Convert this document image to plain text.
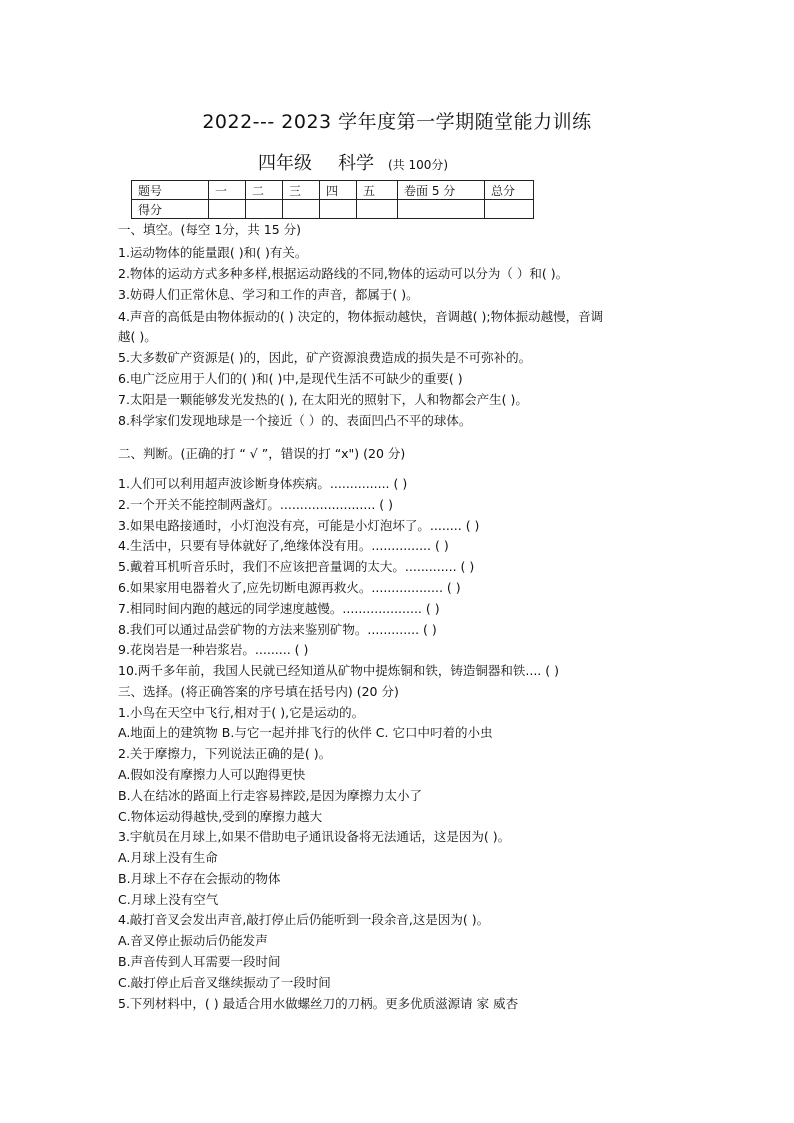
2022--- 2023 学年度第一学期随堂能力训练
四年级 科学 (共 100分)
题号	一	二	三	四	五	卷面 5 分	总分
得分							
一、填空。(每空 1分，共 15 分)
1.运动物体的能量跟( )和( )有关。
2.物体的运动方式多种多样,根据运动路线的不同,物体的运动可以分为（ ）和( )。
3.妨碍人们正常休息、学习和工作的声音，都属于( )。
4.声音的高低是由物体振动的( ) 决定的，物体振动越快，音调越( );物体振动越慢，音调
越( )。
5.大多数矿产资源是( )的，因此，矿产资源浪费造成的损失是不可弥补的。
6.电广泛应用于人们的( )和( )中,是现代生活不可缺少的重要( )
7.太阳是一颗能够发光发热的( ), 在太阳光的照射下，人和物都会产生( )。
8.科学家们发现地球是一个接近（ ）的、表面凹凸不平的球体。
二、判断。(正确的打 “ √ ”，错误的打 “x") (20 分)
1.人们可以利用超声波诊断身体疾病。............... ( )
2.一个开关不能控制两盏灯。........................ ( )
3.如果电路接通时，小灯泡没有亮，可能是小灯泡坏了。........ ( )
4.生活中，只要有导体就好了,绝缘体没有用。............... ( )
5.戴着耳机听音乐时，我们不应该把音量调的太大。............. ( )
6.如果家用电器着火了,应先切断电源再救火。.................. ( )
7.相同时间内跑的越远的同学速度越慢。.................... ( )
8.我们可以通过品尝矿物的方法来鉴别矿物。............. ( )
9.花岗岩是一种岩浆岩。......... ( )
10.两千多年前，我国人民就已经知道从矿物中提炼铜和铁，铸造铜器和铁.... ( )
三、选择。(将正确答案的序号填在括号内) (20 分)
1.小鸟在天空中飞行,相对于( ),它是运动的。
A.地面上的建筑物 B.与它一起并排飞行的伙伴 C. 它口中叼着的小虫
2.关于摩擦力，下列说法正确的是( )。
A.假如没有摩擦力人可以跑得更快
B.人在结冰的路面上行走容易摔跤,是因为摩擦力太小了
C.物体运动得越快,受到的摩擦力越大
3.宇航员在月球上,如果不借助电子通讯设备将无法通话，这是因为( )。
A.月球上没有生命
B.月球上不存在会振动的物体
C.月球上没有空气
4.敲打音叉会发出声音,敲打停止后仍能听到一段余音,这是因为( )。
A.音叉停止振动后仍能发声
B.声音传到人耳需要一段时间
C.敲打停止后音叉继续振动了一段时间
5.下列材料中，( ) 最适合用水做螺丝刀的刀柄。更多优质滋源请 家 威杏
